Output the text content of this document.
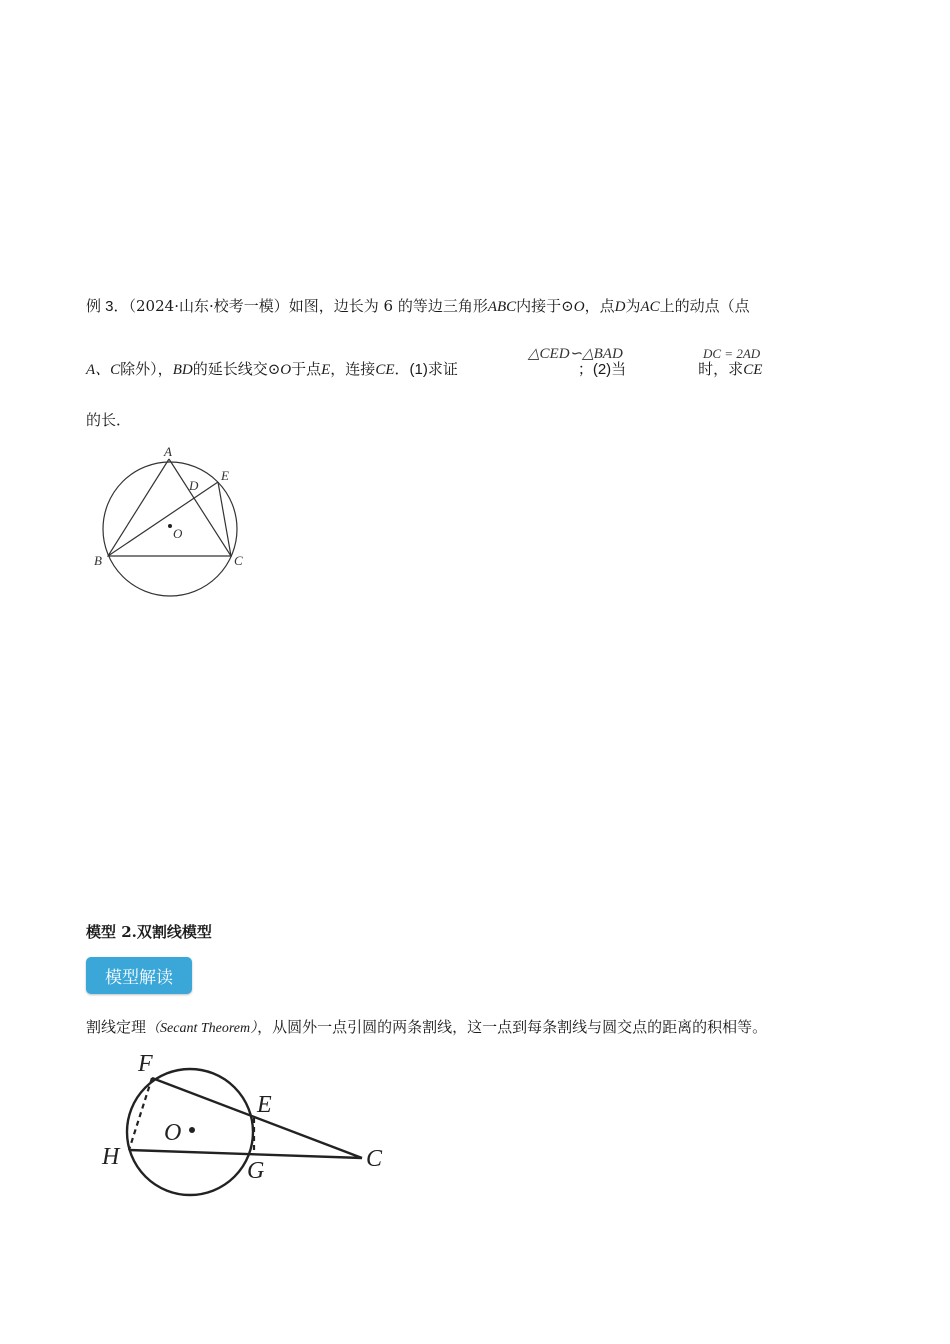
例 3．（2024·山东·校考一模）如图，边长为 6 的等边三角形ABC内接于⊙O，点D为AC上的动点（点
△CED∽△BAD	DC = 2AD
A、C除外），BD的延长线交⊙O于点E，连接CE．(1)求证	；(2)当	时，求CE
的长．
A
B	C
D
E
O
模型 2.双割线模型
模型解读
割线定理（Secant Theorem），从圆外一点引圆的两条割线，这一点到每条割线与圆交点的距离的积相等。
F
E
O
H
G	C
